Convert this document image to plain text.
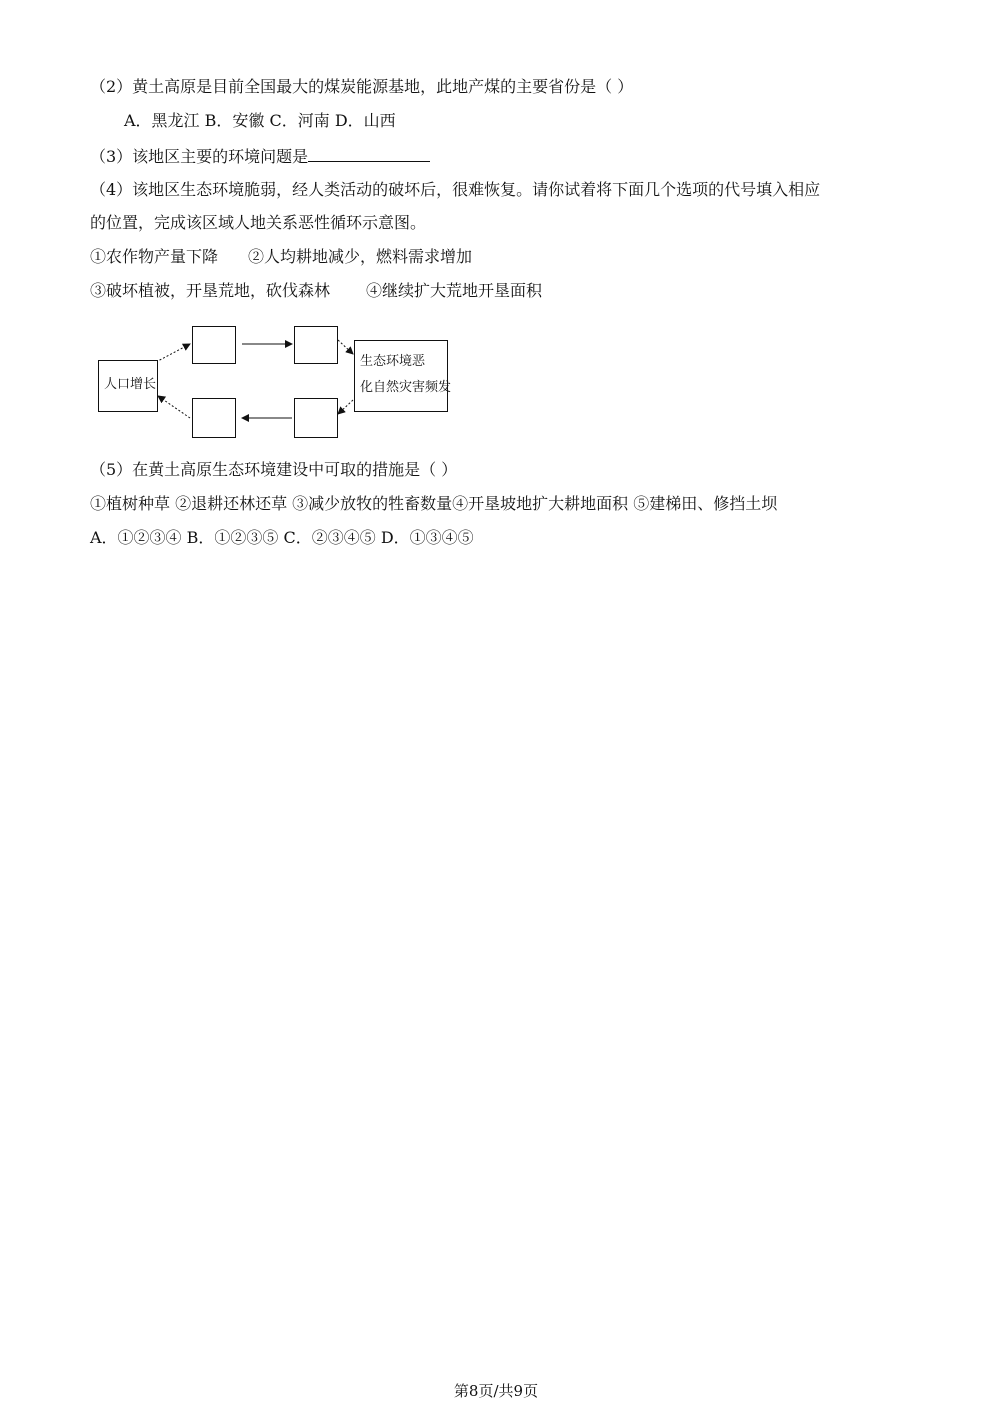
（2）黄土高原是目前全国最大的煤炭能源基地，此地产煤的主要省份是（ ）
A．黑龙江 B．安徽 C．河南 D．山西
（3）该地区主要的环境问题是
（4）该地区生态环境脆弱，经人类活动的破坏后，很难恢复。请你试着将下面几个选项的代号填入相应
的位置，完成该区域人地关系恶性循环示意图。
①农作物产量下降 ②人均耕地减少，燃料需求增加
③破坏植被，开垦荒地，砍伐森林 ④继续扩大荒地开垦面积
人口增长
生态环境恶
化自然灾害频发
（5）在黄土高原生态环境建设中可取的措施是（ ）
①植树种草 ②退耕还林还草 ③减少放牧的牲畜数量④开垦坡地扩大耕地面积 ⑤建梯田、修挡土坝
A．①②③④ B．①②③⑤ C．②③④⑤ D．①③④⑤
第8页/共9页
